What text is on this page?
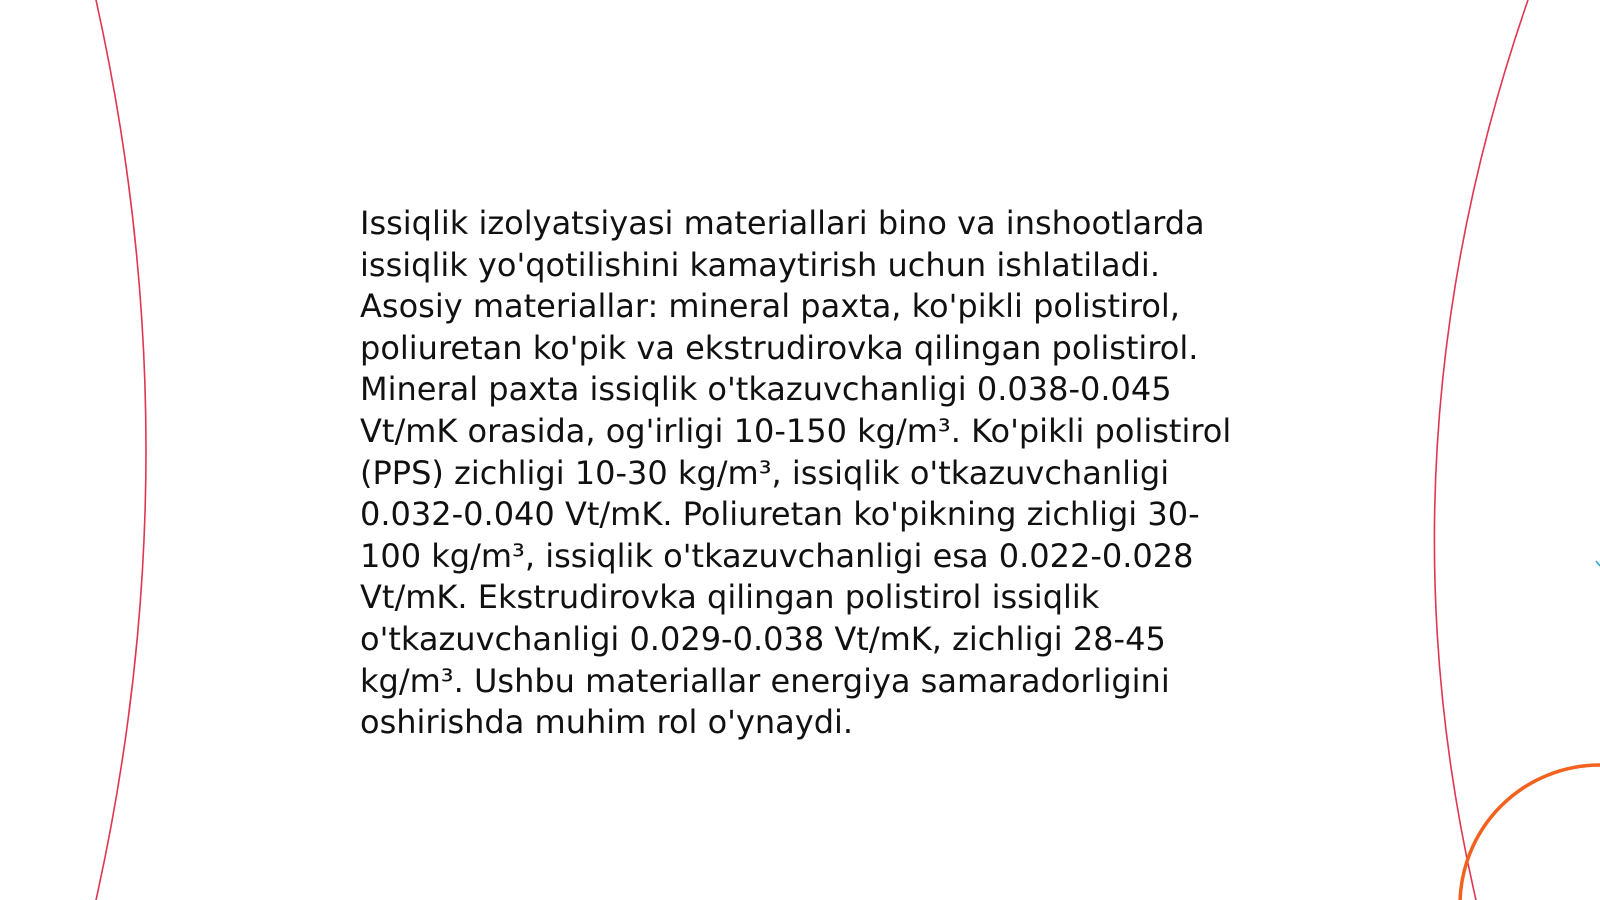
Issiqlik izolyatsiyasi materiallari bino va inshootlarda
issiqlik yo'qotilishini kamaytirish uchun ishlatiladi.
Asosiy materiallar: mineral paxta, ko'pikli polistirol,
poliuretan ko'pik va ekstrudirovka qilingan polistirol.
Mineral paxta issiqlik o'tkazuvchanligi 0.038-0.045
Vt/mK orasida, og'irligi 10-150 kg/m³. Ko'pikli polistirol
(PPS) zichligi 10-30 kg/m³, issiqlik o'tkazuvchanligi
0.032-0.040 Vt/mK. Poliuretan ko'pikning zichligi 30-
100 kg/m³, issiqlik o'tkazuvchanligi esa 0.022-0.028
Vt/mK. Ekstrudirovka qilingan polistirol issiqlik
o'tkazuvchanligi 0.029-0.038 Vt/mK, zichligi 28-45
kg/m³. Ushbu materiallar energiya samaradorligini
oshirishda muhim rol o'ynaydi.
